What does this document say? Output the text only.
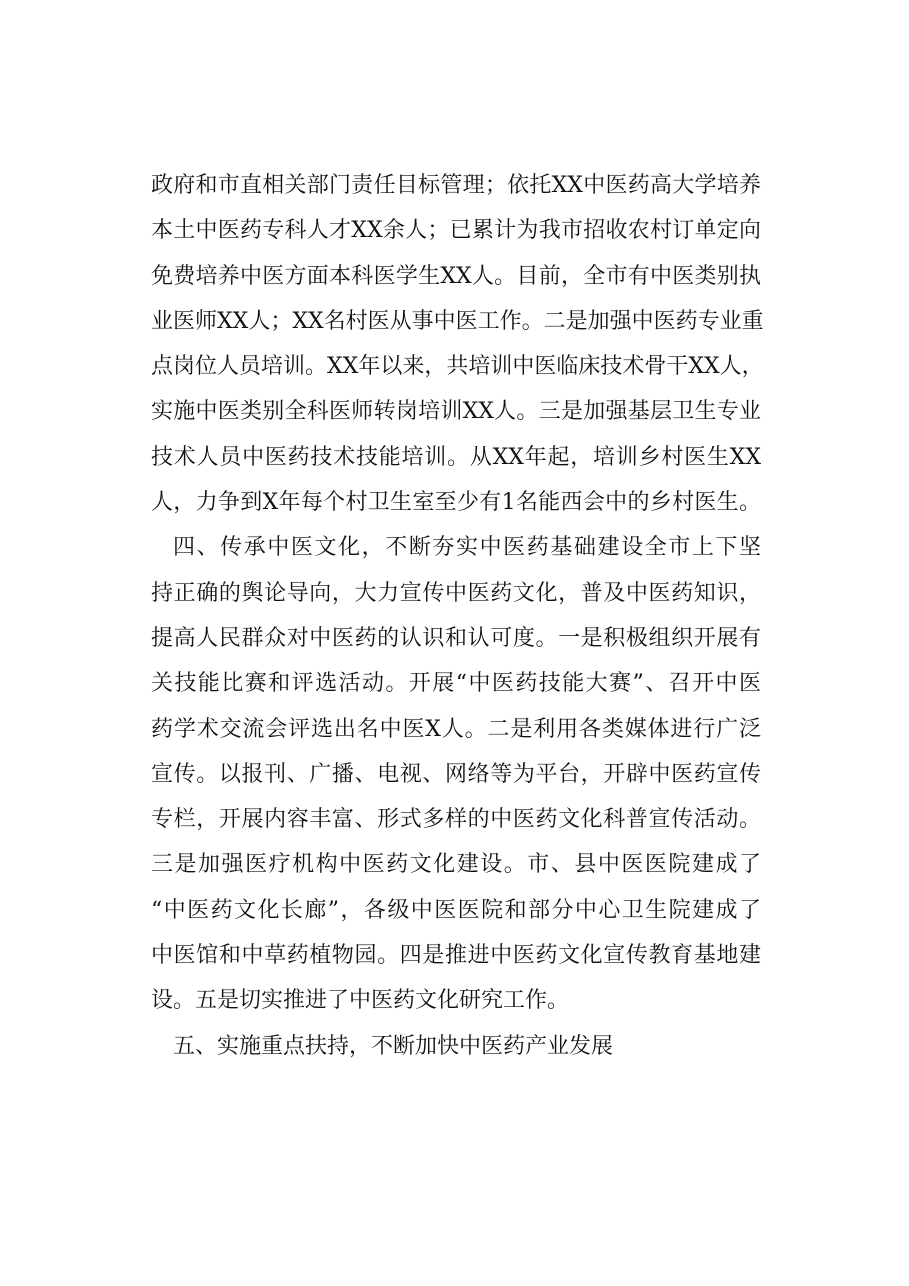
政府和市直相关部门责任目标管理；依托XX中医药高大学培养
本土中医药专科人才XX余人；已累计为我市招收农村订单定向
免费培养中医方面本科医学生XX人。目前，全市有中医类别执
业医师XX人；XX名村医从事中医工作。二是加强中医药专业重
点岗位人员培训。XX年以来，共培训中医临床技术骨干XX人，
实施中医类别全科医师转岗培训XX人。三是加强基层卫生专业
技术人员中医药技术技能培训。从XX年起，培训乡村医生XX
人，力争到X年每个村卫生室至少有1名能西会中的乡村医生。
四、传承中医文化，不断夯实中医药基础建设全市上下坚
持正确的舆论导向，大力宣传中医药文化，普及中医药知识，
提高人民群众对中医药的认识和认可度。一是积极组织开展有
关技能比赛和评选活动。开展“中医药技能大赛”、召开中医
药学术交流会评选出名中医X人。二是利用各类媒体进行广泛
宣传。以报刊、广播、电视、网络等为平台，开辟中医药宣传
专栏，开展内容丰富、形式多样的中医药文化科普宣传活动。
三是加强医疗机构中医药文化建设。市、县中医医院建成了
“中医药文化长廊”，各级中医医院和部分中心卫生院建成了
中医馆和中草药植物园。四是推进中医药文化宣传教育基地建
设。五是切实推进了中医药文化研究工作。
五、实施重点扶持，不断加快中医药产业发展
